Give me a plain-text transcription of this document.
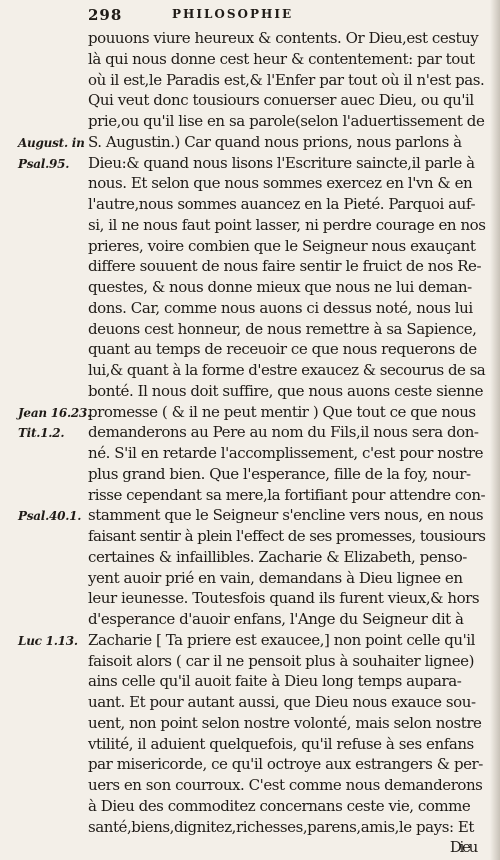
298	PHILOSOPHIE
pouuons viure heureux & contents. Or Dieu,est cestuy
là qui nous donne cest heur & contentement: par tout
où il est,le Paradis est,& l'Enfer par tout où il n'est pas.
Qui veut donc tousiours conuerser auec Dieu, ou qu'il
prie,ou qu'il lise en sa parole(selon l'aduertissement de
S. Augustin.) Car quand nous prions, nous parlons à
Dieu:& quand nous lisons l'Escriture saincte,il parle à
nous. Et selon que nous sommes exercez en l'vn & en
l'autre,nous sommes auancez en la Pieté. Parquoi auf-
si, il ne nous faut point lasser, ni perdre courage en nos
prieres, voire combien que le Seigneur nous exauçant
differe souuent de nous faire sentir le fruict de nos Re-
questes, & nous donne mieux que nous ne lui deman-
dons. Car, comme nous auons ci dessus noté, nous lui
deuons cest honneur, de nous remettre à sa Sapience,
quant au temps de receuoir ce que nous requerons de
lui,& quant à la forme d'estre exaucez & secourus de sa
bonté. Il nous doit suffire, que nous auons ceste sienne
promesse ( & il ne peut mentir ) Que tout ce que nous
demanderons au Pere au nom du Fils,il nous sera don-
né. S'il en retarde l'accomplissement, c'est pour nostre
plus grand bien. Que l'esperance, fille de la foy, nour-
risse cependant sa mere,la fortifiant pour attendre con-
stamment que le Seigneur s'encline vers nous, en nous
faisant sentir à plein l'effect de ses promesses, tousiours
certaines & infaillibles. Zacharie & Elizabeth, penso-
yent auoir prié en vain, demandans à Dieu lignee en
leur ieunesse. Toutesfois quand ils furent vieux,& hors
d'esperance d'auoir enfans, l'Ange du Seigneur dit à
Zacharie [ Ta priere est exaucee,] non point celle qu'il
faisoit alors ( car il ne pensoit plus à souhaiter lignee)
ains celle qu'il auoit faite à Dieu long temps aupara-
uant. Et pour autant aussi, que Dieu nous exauce sou-
uent, non point selon nostre volonté, mais selon nostre
vtilité, il aduient quelquefois, qu'il refuse à ses enfans
par misericorde, ce qu'il octroye aux estrangers & per-
uers en son courroux. C'est comme nous demanderons
à Dieu des commoditez concernans ceste vie, comme
santé,biens,dignitez,richesses,parens,amis,le pays: Et
Dieu
August. in
Psal.95.
Jean 16.23.
Tit.1.2.
Psal.40.1.
Luc 1.13.
